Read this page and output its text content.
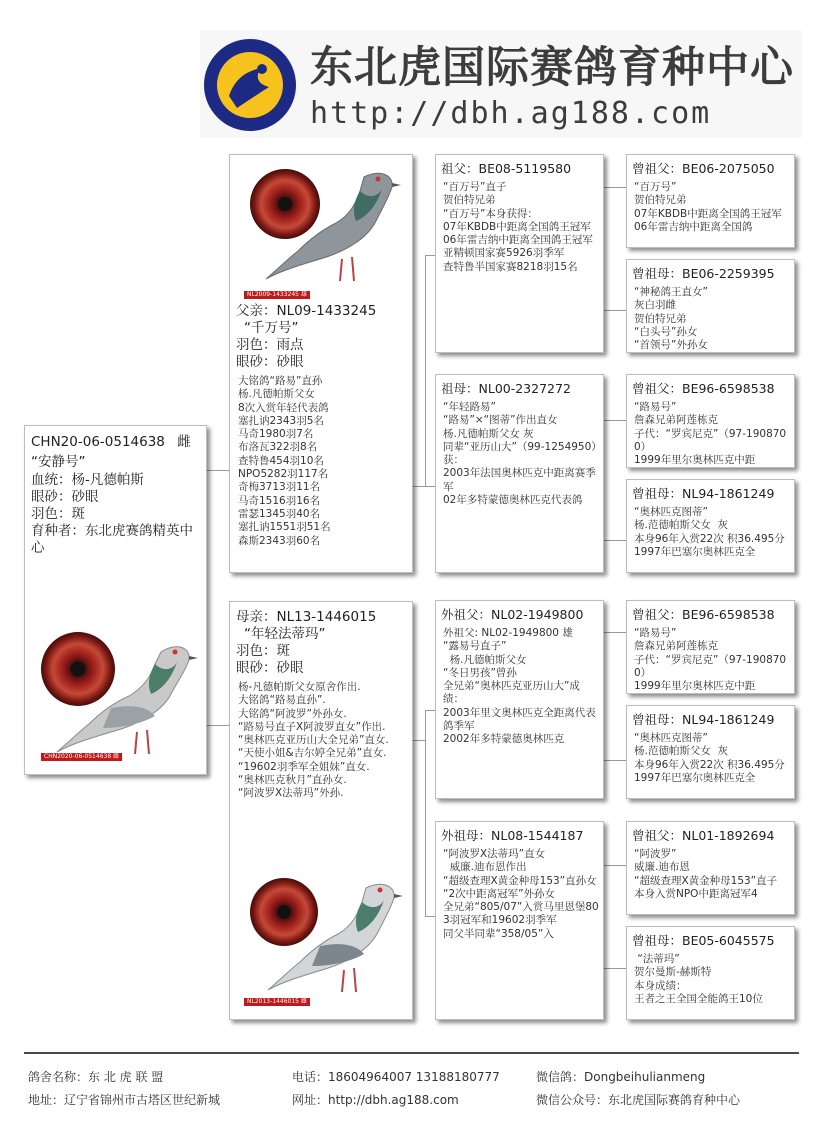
东北虎国际赛鸽育种中心
http://dbh.ag188.com
CHN20-06-0514638 雌
“安静号”
血统：杨-凡德帕斯
眼砂：砂眼
羽色：斑
育种者：东北虎赛鸽精英中心
CHN2020-06-0514638 雌
NL2009-1433245 雄
父亲：NL09-1433245
“千万号”
羽色：雨点
眼砂：砂眼
大铭鸽“路易”直孙
杨.凡德帕斯父女
8次入赏年轻代表鸽
塞扎讷2343羽5名
马奇1980羽7名
布洛瓦322羽8名
查特鲁454羽10名
NPO5282羽117名
奇梅3713羽11名
马奇1516羽16名
雷瑟1345羽40名
塞扎讷1551羽51名
森斯2343羽60名
母亲：NL13-1446015
“年轻法蒂玛”
羽色：斑
眼砂：砂眼
杨-凡德帕斯父女原舍作出.
大铭鸽“路易直孙”.
大铭鸽“阿波罗”外孙女.
“路易号直子X阿波罗直女”作出.
“奥林匹克亚历山大全兄弟”直女.
“天使小姐&吉尔婷全兄弟”直女.
“19602羽季军全姐妹”直女.
“奥林匹克秋月”直孙女.
“阿波罗X法蒂玛”外孙.
NL2013-1446015 雌
祖父：BE08-5119580
“百万号”直子
贺伯特兄弟
“百万号”本身获得：
07年KBDB中距离全国鸽王冠军
06年雷吉纳中距离全国鸽王冠军
亚精顿国家赛5926羽季军
查特鲁半国家赛8218羽15名
祖母：NL00-2327272
“年轻路易”
“路易”×“图蒂”作出直女
杨.凡德帕斯父女 灰
同辈“亚历山大”（99-1254950）获：
2003年法国奥林匹克中距离赛季军
02年多特蒙德奥林匹克代表鸽
外祖父：NL02-1949800
外祖父: NL02-1949800 雄
“露易号直子”
杨.凡德帕斯父女
“冬日男孩”曾孙
全兄弟“奥林匹克亚历山大”成绩：
2003年里文奥林匹克全距离代表鸽季军
2002年多特蒙德奥林匹克
外祖母：NL08-1544187
“阿波罗X法蒂玛”直女
威廉.迪布恩作出
“超级查理X黄金种母153”直孙女
“2次中距离冠军”外孙女
全兄弟“805/07”入赏马里恩堡803羽冠军和19602羽季军
同父半同辈“358/05”入
曾祖父：BE06-2075050
“百万号”
贺伯特兄弟
07年KBDB中距离全国鸽王冠军
06年雷吉纳中距离全国鸽
曾祖母：BE06-2259395
“神秘鸽王直女”
灰白羽雌
贺伯特兄弟
“白头号”孙女
“首领号”外孙女
曾祖父：BE96-6598538
“路易号”
詹森兄弟阿莲栋克
子代：“罗宾尼克”（97-1908700）
1999年里尔奥林匹克中距
曾祖母：NL94-1861249
“奥林匹克图蒂”
杨.范德帕斯父女  灰
本身96年入赏22次 积36.495分
1997年巴塞尔奥林匹克全
曾祖父：BE96-6598538
“路易号”
詹森兄弟阿莲栋克
子代：“罗宾尼克”（97-1908700）
1999年里尔奥林匹克中距
曾祖母：NL94-1861249
“奥林匹克图蒂”
杨.范德帕斯父女  灰
本身96年入赏22次 积36.495分
1997年巴塞尔奥林匹克全
曾祖父：NL01-1892694
“阿波罗”
威廉.迪布恩
“超级查理X黄金种母153”直子
本身入赏NPO中距离冠军4
曾祖母：BE05-6045575
“法蒂玛”
贺尔曼斯-赫斯特
本身成绩：
王者之王全国全能鸽王10位
鸽舍名称：东 北 虎 联 盟	电话：18604964007 13188180777	微信鸽：Dongbeihulianmeng
地址：辽宁省锦州市古塔区世纪新城	网址：http://dbh.ag188.com	微信公众号：东北虎国际赛鸽育种中心
